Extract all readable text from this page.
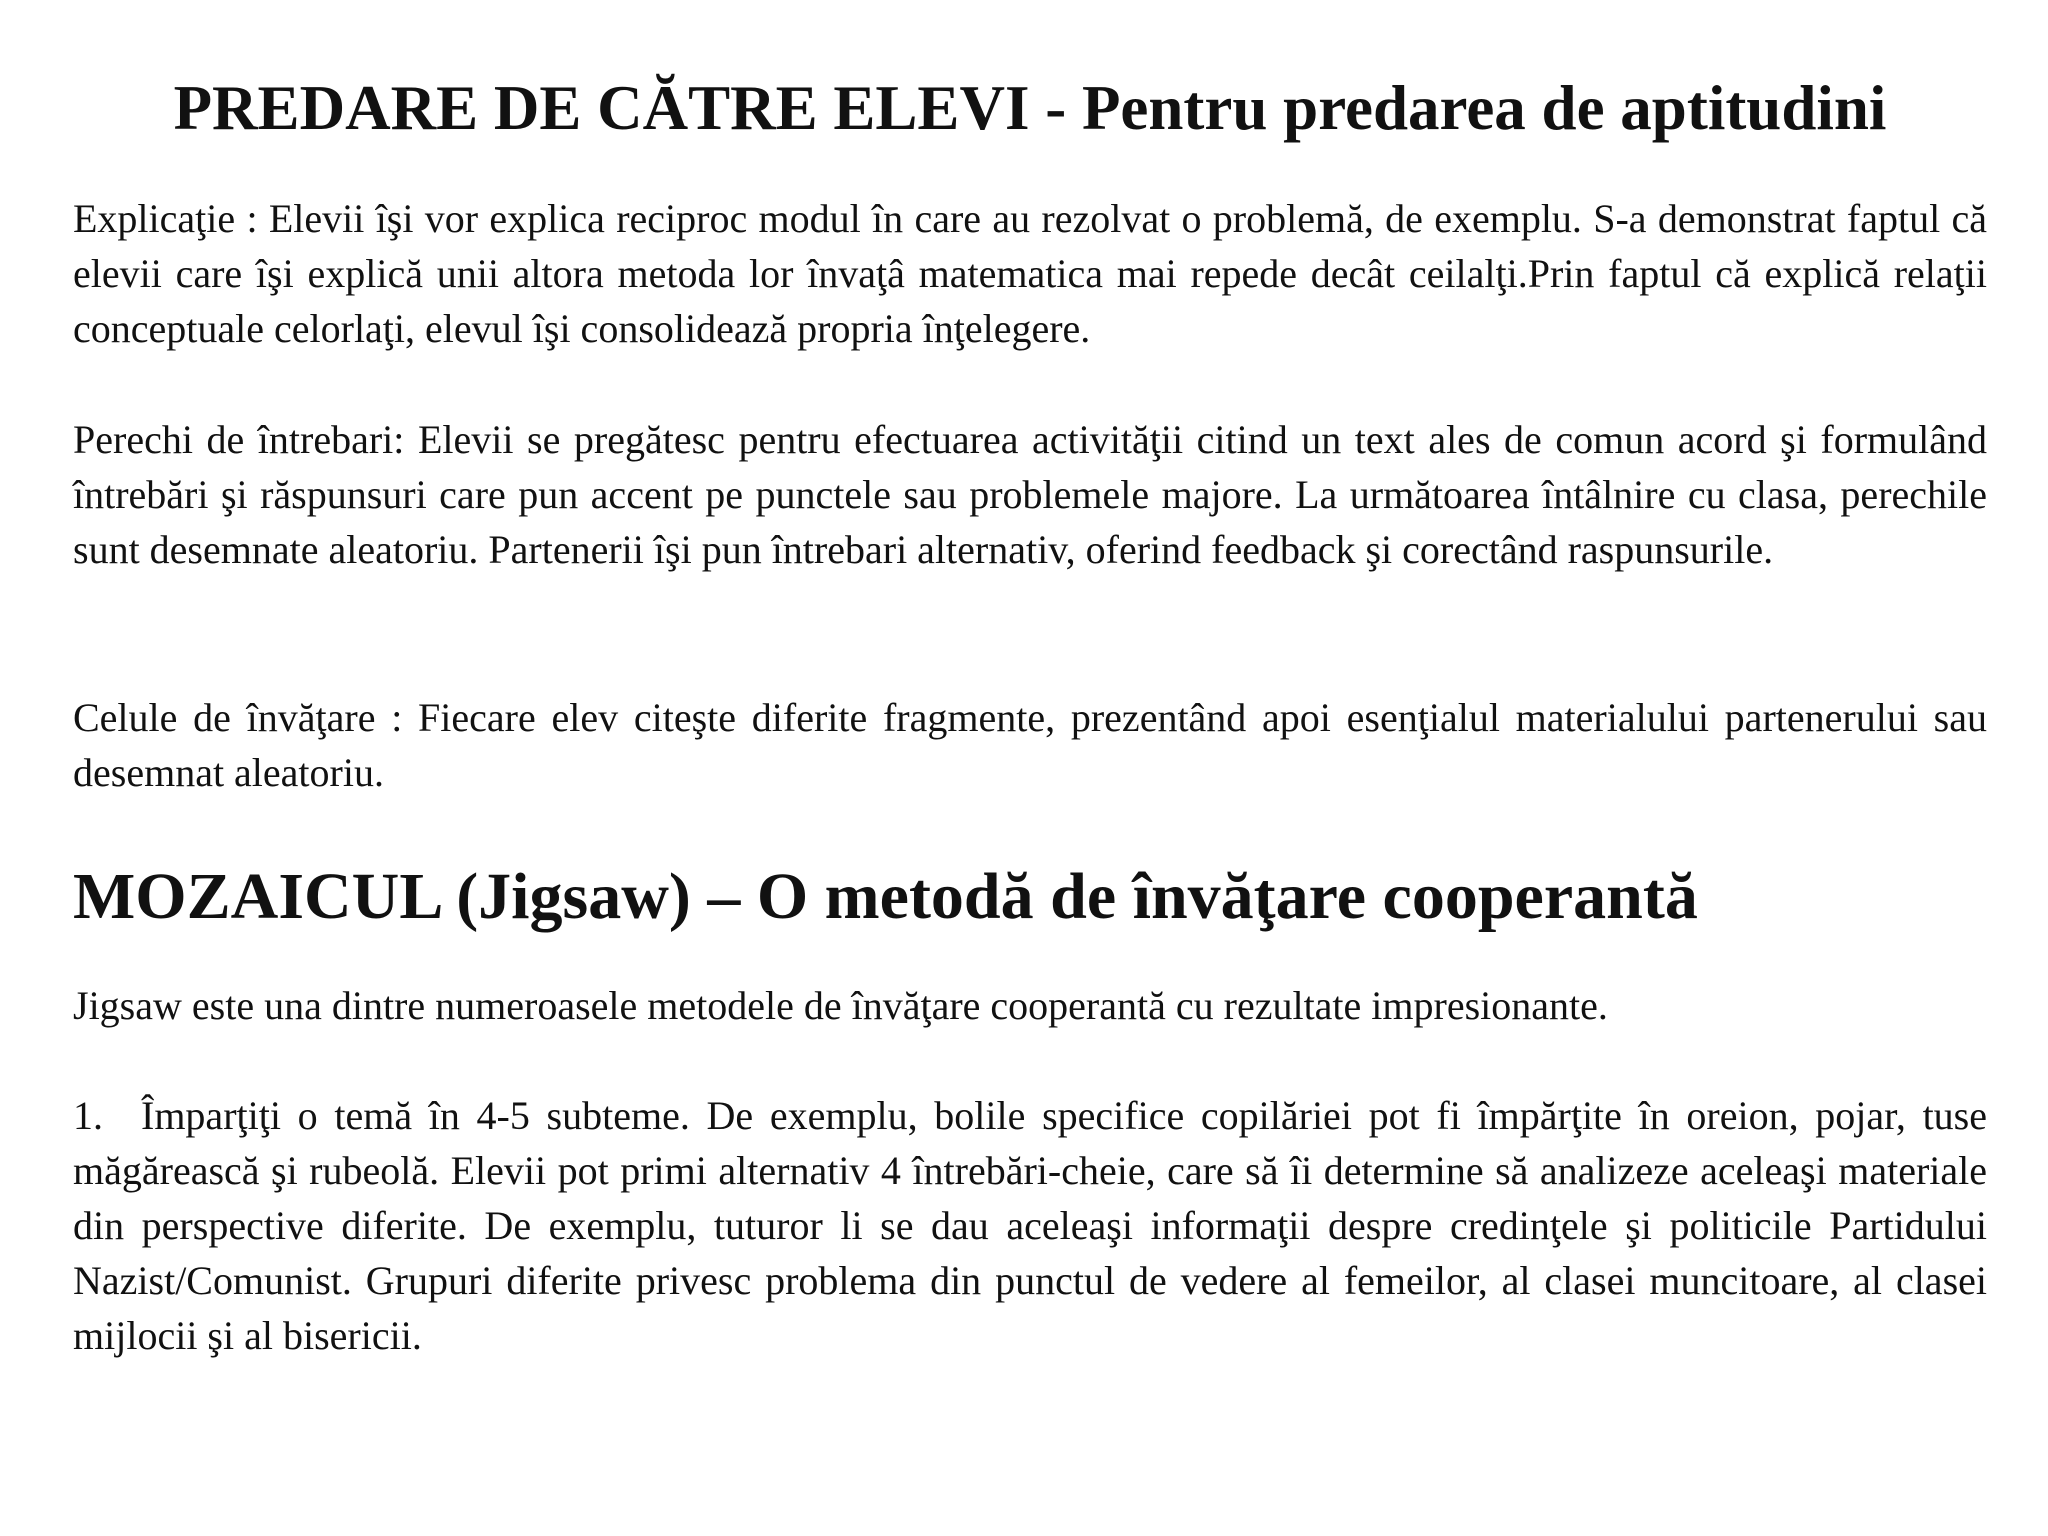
PREDARE DE CĂTRE ELEVI - Pentru predarea de aptitudini

Explicaţie : Elevii îşi vor explica reciproc modul în care au rezolvat o problemă, de exemplu. S-a demonstrat faptul că elevii care îşi explică unii altora metoda lor învaţâ matematica mai repede decât ceilalţi.Prin faptul că explică relaţii conceptuale celorlaţi, elevul îşi consolidează propria înţelegere.

Perechi de întrebari: Elevii se pregătesc pentru efectuarea activităţii citind un text ales de comun acord şi formulând întrebări şi răspunsuri care pun accent pe punctele sau problemele majore. La următoarea întâlnire cu clasa, perechile sunt desemnate aleatoriu. Partenerii îşi pun întrebari alternativ, oferind feedback şi corectând raspunsurile.

Celule de învăţare : Fiecare elev citeşte diferite fragmente, prezentând apoi esenţialul materialului partenerului sau desemnat aleatoriu.

MOZAICUL (Jigsaw) – O metodă de învăţare cooperantă

Jigsaw este una dintre numeroasele metodele de învăţare cooperantă cu rezultate impresionante.

1. Împarţiţi o temă în 4-5 subteme. De exemplu, bolile specifice copilăriei pot fi împărţite în oreion, pojar, tuse măgărească şi rubeolă. Elevii pot primi alternativ 4 întrebări-cheie, care să îi determine să analizeze aceleaşi materiale din perspective diferite. De exemplu, tuturor li se dau aceleaşi informaţii despre credinţele şi politicile Partidului Nazist/Comunist. Grupuri diferite privesc problema din punctul de vedere al femeilor, al clasei muncitoare, al clasei mijlocii şi al bisericii.
